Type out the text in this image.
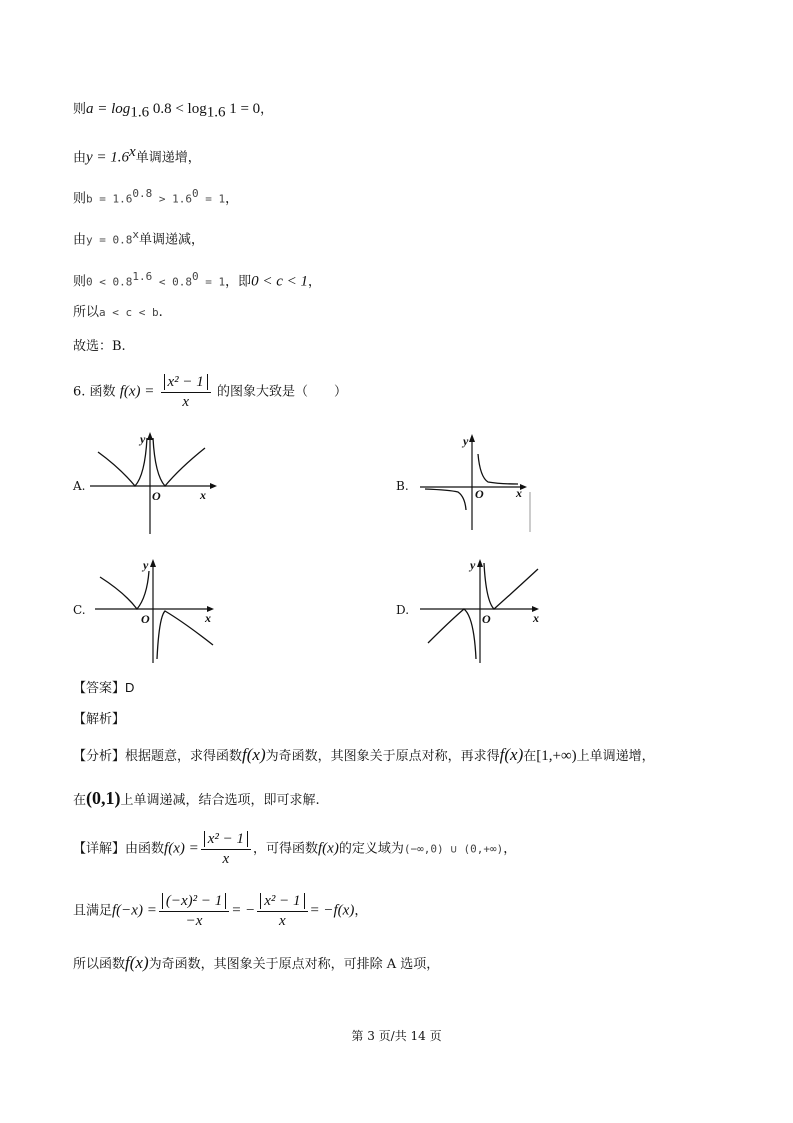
则$a = \log_{1.6} 0.8 < \log_{1.6} 1 = 0$，
由$y = 1.6^x$单调递增，
则$b = 1.6^{0.8} > 1.6^0 = 1$，
由$y = 0.8^x$单调递减，
则$0 < 0.8^{1.6} < 0.8^0 = 1$，即0 < c < 1，
所以a < c < b.
故选：B.
6. 函数 $f(x) = \frac{\text{x² − 1}}{x}$ 的图象大致是（　　）
A.	B.
C.	D.
y
O	x
y
O	x
y
O	x
y
O	x
【答案】D
【解析】
【分析】根据题意，求得函数f(x)为奇函数，其图象关于原点对称，再求得f(x)在[1,+∞)上单调递增，
在(0,1)上单调递减，结合选项，即可求解.
【详解】由函数$f(x) = \frac{\text{x² − 1}}{x}$ ，可得函数f(x)的定义域为(−∞,0) ∪ (0,+∞)，
且满足$f(-x) = \frac{\text{(−x)² − 1}}{-x}$ = − $\frac{\text{x² − 1}}{x} = -f(x)$，
所以函数f(x)为奇函数，其图象关于原点对称，可排除 A 选项，
第 3 页/共 14 页
